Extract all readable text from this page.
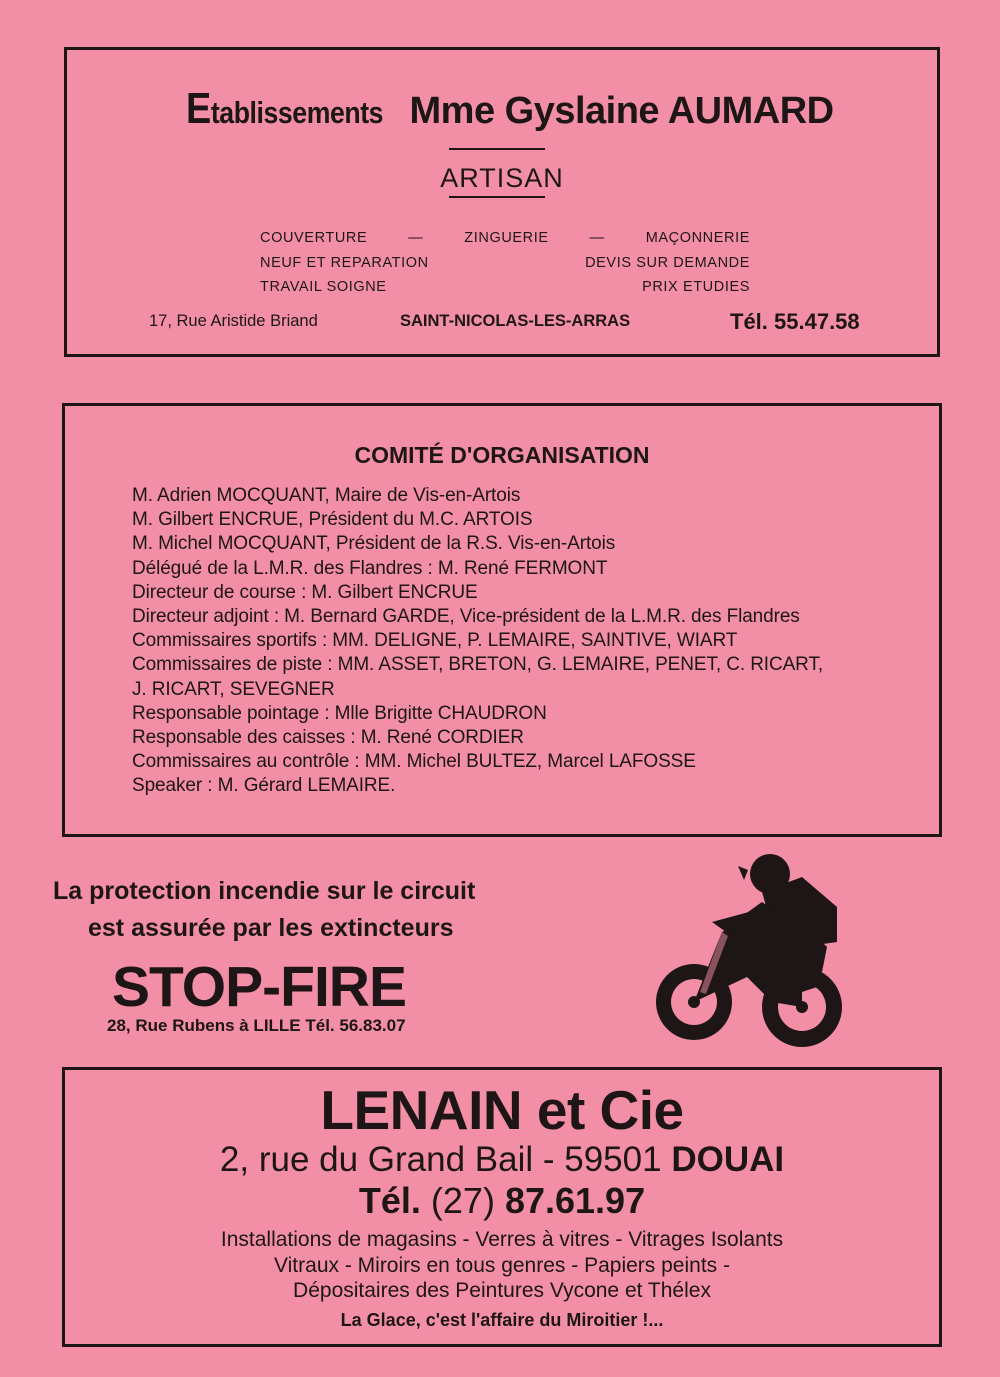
Etablissements Mme Gyslaine AUMARD
ARTISAN
COUVERTURE	—	ZINGUERIE	—	MAÇONNERIE
NEUF ET REPARATION	DEVIS SUR DEMANDE
TRAVAIL SOIGNE	PRIX ETUDIES
17, Rue Aristide Briand	SAINT-NICOLAS-LES-ARRAS	Tél. 55.47.58
COMITÉ D'ORGANISATION
M. Adrien MOCQUANT, Maire de Vis-en-Artois
M. Gilbert ENCRUE, Président du M.C. ARTOIS
M. Michel MOCQUANT, Président de la R.S. Vis-en-Artois
Délégué de la L.M.R. des Flandres : M. René FERMONT
Directeur de course : M. Gilbert ENCRUE
Directeur adjoint : M. Bernard GARDE, Vice-président de la L.M.R. des Flandres
Commissaires sportifs : MM. DELIGNE, P. LEMAIRE, SAINTIVE, WIART
Commissaires de piste : MM. ASSET, BRETON, G. LEMAIRE, PENET, C. RICART,
J. RICART, SEVEGNER
Responsable pointage : Mlle Brigitte CHAUDRON
Responsable des caisses : M. René CORDIER
Commissaires au contrôle : MM. Michel BULTEZ, Marcel LAFOSSE
Speaker : M. Gérard LEMAIRE.
La protection incendie sur le circuit
est assurée par les extincteurs
STOP-FIRE
28, Rue Rubens à LILLE Tél. 56.83.07
LENAIN et Cie
2, rue du Grand Bail - 59501 DOUAI
Tél. (27) 87.61.97
Installations de magasins - Verres à vitres - Vitrages Isolants
Vitraux - Miroirs en tous genres - Papiers peints -
Dépositaires des Peintures Vycone et Thélex
La Glace, c'est l'affaire du Miroitier !...
